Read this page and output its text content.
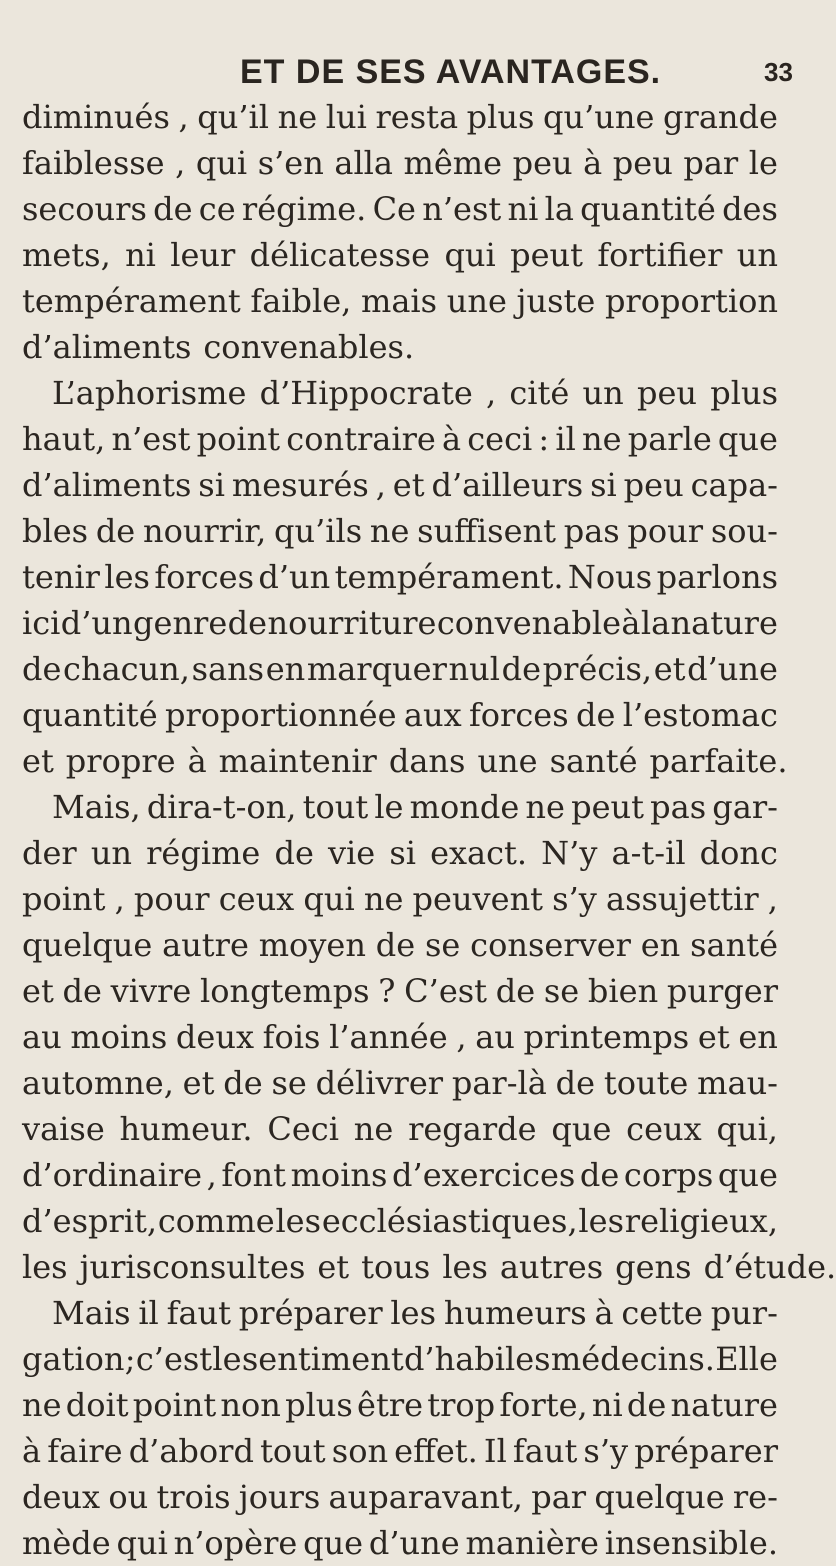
ET DE SES AVANTAGES.	33
diminués , qu’il ne lui resta plus qu’une grande
faiblesse , qui s’en alla même peu à peu par le
secours de ce régime. Ce n’est ni la quantité des
mets, ni leur délicatesse qui peut fortifier un
tempérament faible, mais une juste proportion
d’aliments convenables.
L’aphorisme d’Hippocrate , cité un peu plus
haut, n’est point contraire à ceci : il ne parle que
d’aliments si mesurés , et d’ailleurs si peu capa-
bles de nourrir, qu’ils ne suffisent pas pour sou-
tenir les forces d’un tempérament. Nous parlons
ici d’un genre de nourriture convenable à la nature
de chacun, sans en marquer nul de précis, et d’une
quantité proportionnée aux forces de l’estomac
et propre à maintenir dans une santé parfaite.
Mais, dira-t-on, tout le monde ne peut pas gar-
der un régime de vie si exact. N’y a-t-il donc
point , pour ceux qui ne peuvent s’y assujettir ,
quelque autre moyen de se conserver en santé
et de vivre longtemps ? C’est de se bien purger
au moins deux fois l’année , au printemps et en
automne, et de se délivrer par-là de toute mau-
vaise humeur. Ceci ne regarde que ceux qui,
d’ordinaire , font moins d’exercices de corps que
d’esprit, comme les ecclésiastiques, les religieux,
les jurisconsultes et tous les autres gens d’étude.
Mais il faut préparer les humeurs à cette pur-
gation ; c’est le sentiment d’habiles médecins. Elle
ne doit point non plus être trop forte, ni de nature
à faire d’abord tout son effet. Il faut s’y préparer
deux ou trois jours auparavant, par quelque re-
mède qui n’opère que d’une manière insensible.
